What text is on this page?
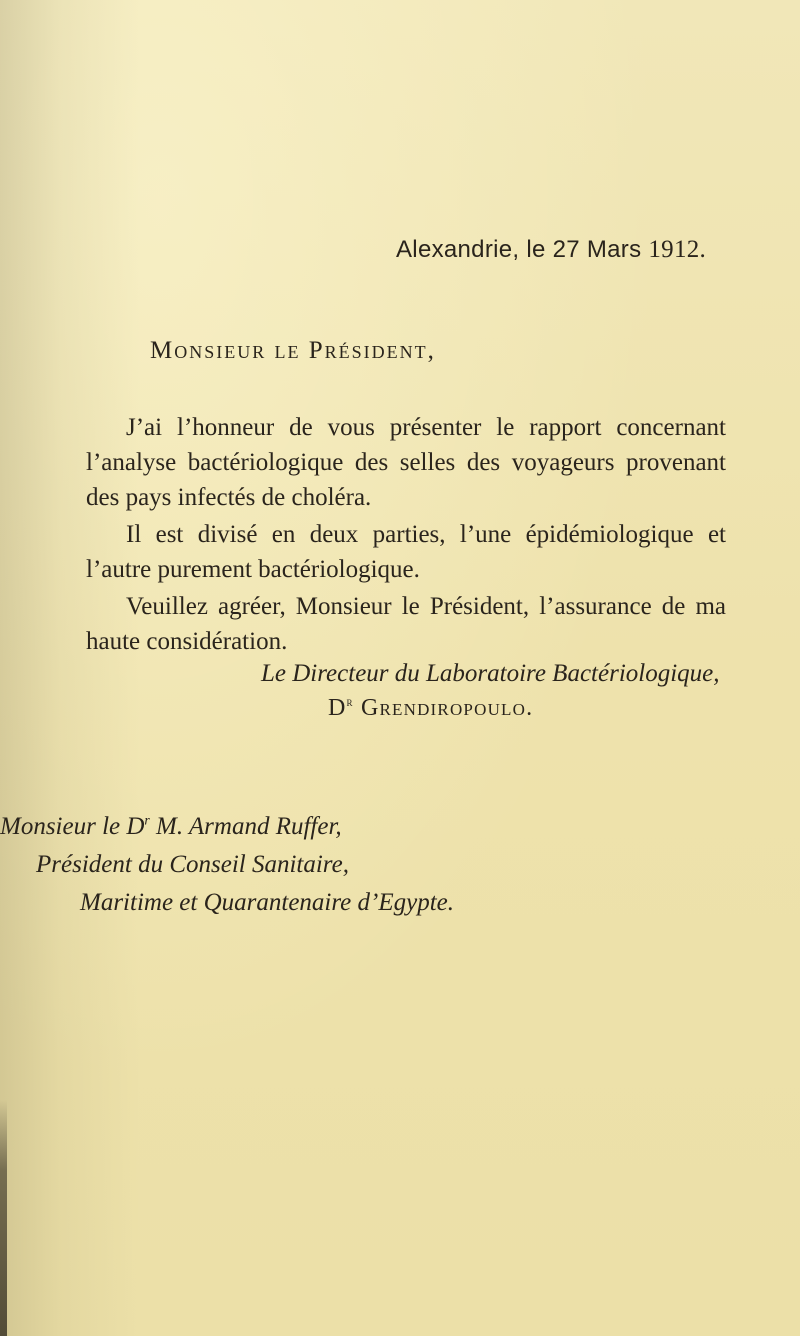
Alexandrie, le 27 Mars 1912.
Monsieur le Président,

J’ai l’honneur de vous présenter le rapport concernant l’analyse bactériologique des selles des voyageurs provenant des pays infectés de choléra.

Il est divisé en deux parties, l’une épidémiologique et l’autre purement bactériologique.

Veuillez agréer, Monsieur le Président, l’assurance de ma haute considération.

Le Directeur du Laboratoire Bactériologique,
$D^r$ Grendiropoulo.
Monsieur le $D^r$ M. Armand Ruffer,
Président du Conseil Sanitaire,
Maritime et Quarantenaire d’Egypte.
